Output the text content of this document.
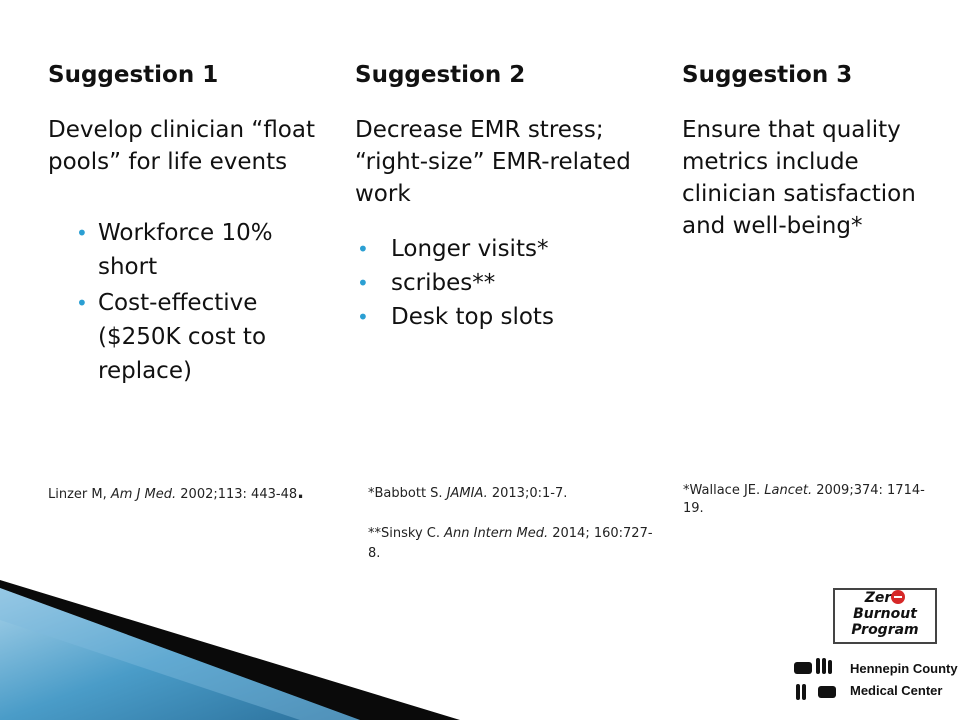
Suggestion 1

Develop clinician “float pools” for life events

• Workforce 10% short
• Cost-effective ($250K cost to replace)
Suggestion 2

Decrease EMR stress; “right-size” EMR-related work

• Longer visits*
• scribes**
• Desk top slots
Suggestion 3

Ensure that quality metrics include clinician satisfaction and well-being*

Linzer M, Am J Med. 2002;113: 443-48.	*Babbott S. JAMIA. 2013;0:1-7.
**Sinsky C. Ann Intern Med. 2014; 160:727-8.
*Wallace JE. Lancet. 2009;374: 1714-19.
Zer
Burnout
Program
Hennepin County
Medical Center
